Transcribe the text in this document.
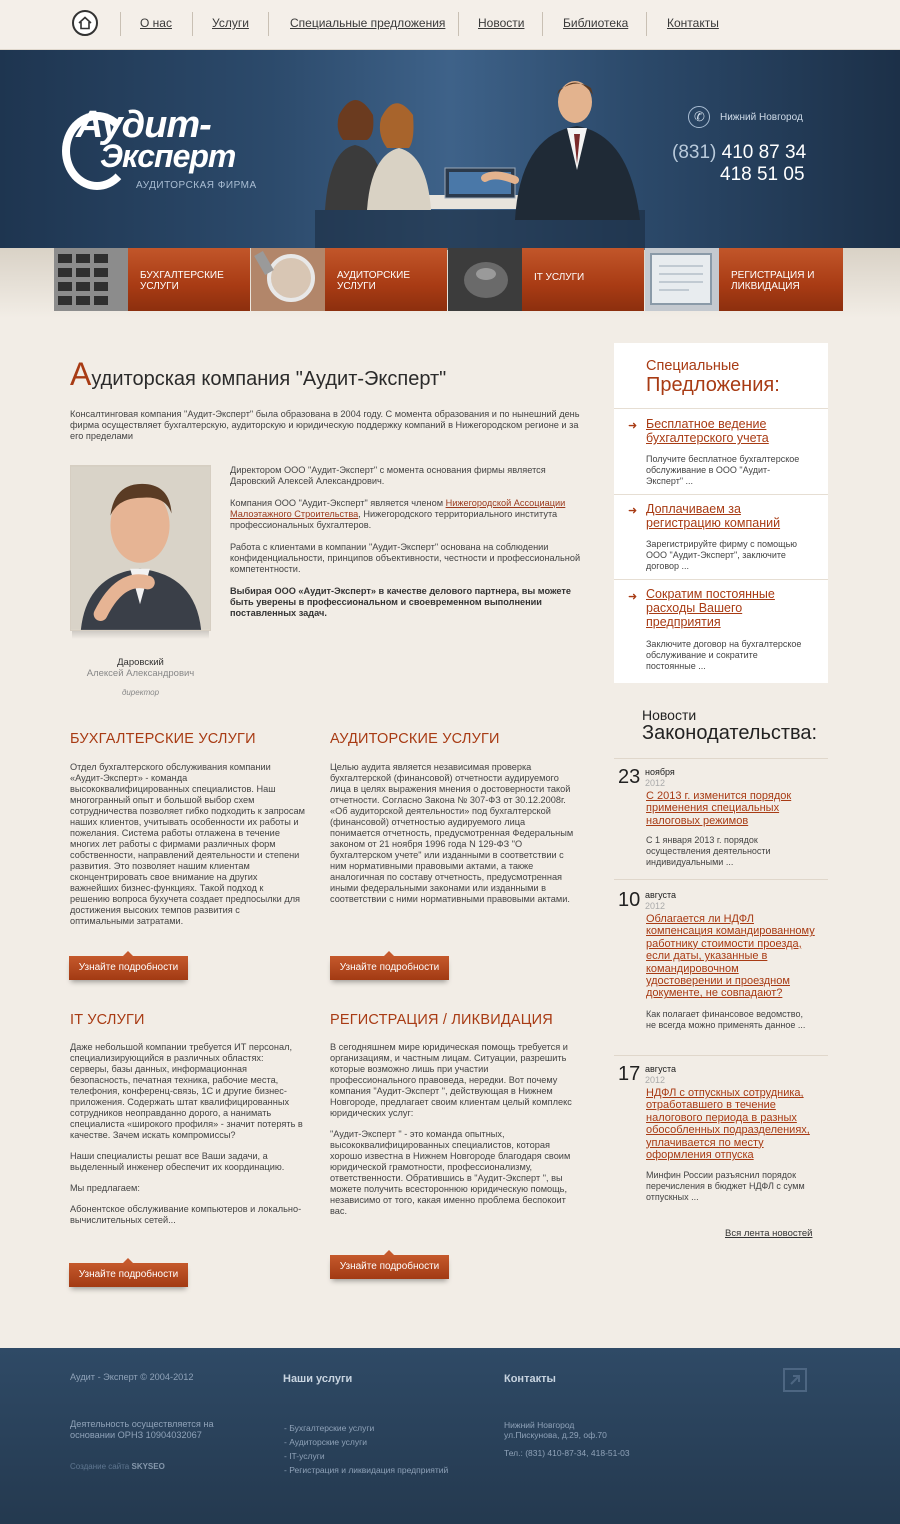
О нас	Услуги	Специальные предложения	Новости	Библиотека	Контакты
Аудит-
Эксперт
АУДИТОРСКАЯ ФИРМА
✆ Нижний Новгород
(831) 410 87 34
418 51 05
БУХГАЛТЕРСКИЕ
УСЛУГИ
АУДИТОРСКИЕ
УСЛУГИ
IT УСЛУГИ	РЕГИСТРАЦИЯ И
ЛИКВИДАЦИЯ
Аудиторская компания "Аудит-Эксперт"

Консалтинговая компания "Аудит-Эксперт" была образована в 2004 году. С момента образования и по нынешний день фирма осуществляет бухгалтерскую, аудиторскую и юридическую поддержку компаний в Нижегородском регионе и за его пределами

Даровский
Алексей Александрович
директор

Директором ООО "Аудит-Эксперт" с момента основания фирмы является Даровский Алексей Александрович.

Компания ООО "Аудит-Эксперт" является членом Нижегородской Ассоциации Малоэтажного Строительства, Нижегородского территориального института профессиональных бухгалтеров.

Работа с клиентами в компании "Аудит-Эксперт" основана на соблюдении конфиденциальности, принципов объективности, честности и профессиональной компетентности.

Выбирая ООО «Аудит-Эксперт» в качестве делового партнера, вы можете быть уверены в профессиональном и своевременном выполнении поставленных задач.

БУХГАЛТЕРСКИЕ УСЛУГИ

Отдел бухгалтерского обслуживания компании «Аудит-Эксперт» - команда высококвалифицированных специалистов. Наш многогранный опыт и большой выбор схем сотрудничества позволяет гибко подходить к запросам наших клиентов, учитывать особенности их работы и пожелания. Система работы отлажена в течение многих лет работы с фирмами различных форм собственности, направлений деятельности и степени развития. Это позволяет нашим клиентам сконцентрировать свое внимание на других важнейших бизнес-функциях. Такой подход к решению вопроса бухучета создает предпосылки для достижения высоких темпов развития с оптимальными затратами.

Узнайте подробности
АУДИТОРСКИЕ УСЛУГИ

Целью аудита является независимая проверка бухгалтерской (финансовой) отчетности аудируемого лица в целях выражения мнения о достоверности такой отчетности. Согласно Закона № 307-ФЗ от 30.12.2008г. «Об аудиторской деятельности» под бухгалтерской (финансовой) отчетностью аудируемого лица понимается отчетность, предусмотренная Федеральным законом от 21 ноября 1996 года N 129-ФЗ "О бухгалтерском учете" или изданными в соответствии с ним нормативными правовыми актами, а также аналогичная по составу отчетность, предусмотренная иными федеральными законами или изданными в соответствии с ними нормативными правовыми актами.

Узнайте подробности
IT УСЛУГИ

Даже небольшой компании требуется ИТ персонал, специализирующийся в различных областях: серверы, базы данных, информационная безопасность, печатная техника, рабочие места, телефония, конференц-связь, 1С и другие бизнес-приложения. Содержать штат квалифицированных сотрудников неоправданно дорого, а нанимать специалиста «широкого профиля» - значит потерять в качестве. Зачем искать компромиссы?

Наши специалисты решат все Ваши задачи, а выделенный инженер обеспечит их координацию.

Мы предлагаем:

Абонентское обслуживание компьютеров и локально-вычислительных сетей...

Узнайте подробности
РЕГИСТРАЦИЯ / ЛИКВИДАЦИЯ

В сегодняшнем мире юридическая помощь требуется и организациям, и частным лицам. Ситуации, разрешить которые возможно лишь при участии профессионального правоведа, нередки. Вот почему компания "Аудит-Эксперт ", действующая в Нижнем Новгороде, предлагает своим клиентам целый комплекс юридических услуг:

"Аудит-Эксперт " - это команда опытных, высококвалифицированных специалистов, которая хорошо известна в Нижнем Новгороде благодаря своим юридической грамотности, профессионализму, ответственности. Обратившись в "Аудит-Эксперт ", вы можете получить всестороннюю юридическую помощь, независимо от того, какая именно проблема беспокоит вас.

Узнайте подробности
Специальные
Предложения:
➜ Бесплатное ведение бухгалтерского учета

Получите бесплатное бухгалтерское обслуживание в ООО "Аудит-Эксперт" ...

➜ Доплачиваем за регистрацию компаний

Зарегистрируйте фирму с помощью ООО "Аудит-Эксперт", заключите договор ...

➜ Сократим постоянные расходы Вашего предприятия

Заключите договор на бухгалтерское обслуживание и сократите постоянные ...

Новости
Законодательства:
23 ноября
2012
С 2013 г. изменится порядок применения специальных налоговых режимов

С 1 января 2013 г. порядок осуществления деятельности индивидуальными ...

10 августа
2012
Облагается ли НДФЛ компенсация командированному работнику стоимости проезда, если даты, указанные в командировочном удостоверении и проездном документе, не совпадают?

Как полагает финансовое ведомство, не всегда можно применять данное ...

17 августа
2012
НДФЛ с отпускных сотрудника, отработавшего в течение налогового периода в разных обособленных подразделениях, уплачивается по месту оформления отпуска

Минфин России разъяснил порядок перечисления в бюджет НДФЛ с сумм отпускных ...

Вся лента новостей
Аудит - Эксперт © 2004-2012

Деятельность осуществляется на основании ОРНЗ 10904032067

Создание сайта SKYSEO
Наши услуги
- Бухгалтерские услуги
- Аудиторские услуги
- IT-услуги
- Регистрация и ликвидация предприятий
Контакты
Нижний Новгород
ул.Пискунова, д.29, оф.70
Тел.: (831) 410-87-34, 418-51-03
